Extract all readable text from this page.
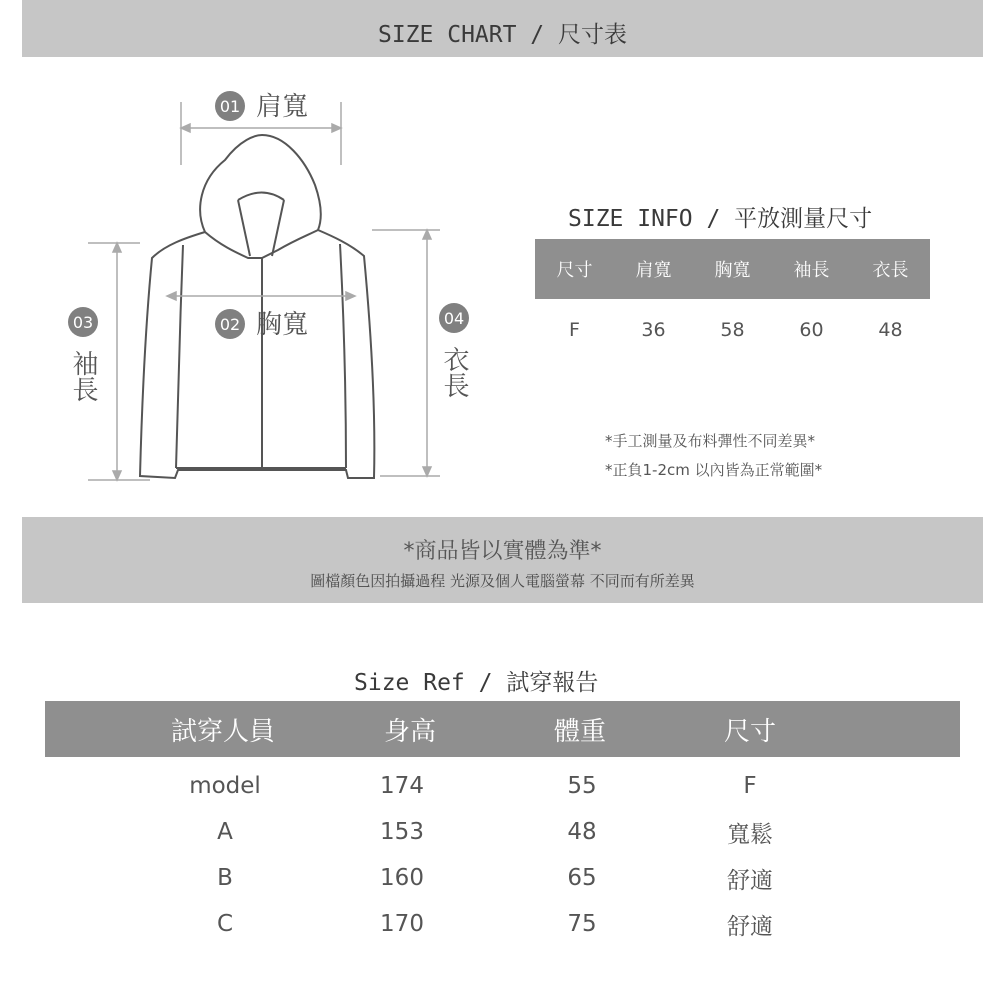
SIZE CHART / 尺寸表
01 肩寬
02 胸寬
03
袖長
04
衣長
SIZE INFO / 平放測量尺寸
尺寸	肩寬	胸寬	袖長	衣長
F	36	58	60	48
*手工測量及布料彈性不同差異*
*正負1-2cm 以內皆為正常範圍*
*商品皆以實體為準*
圖檔顏色因拍攝過程 光源及個人電腦螢幕 不同而有所差異
Size Ref / 試穿報告
試穿人員	身高	體重	尺寸
model	174	55	F
A	153	48	寬鬆
B	160	65	舒適
C	170	75	舒適
